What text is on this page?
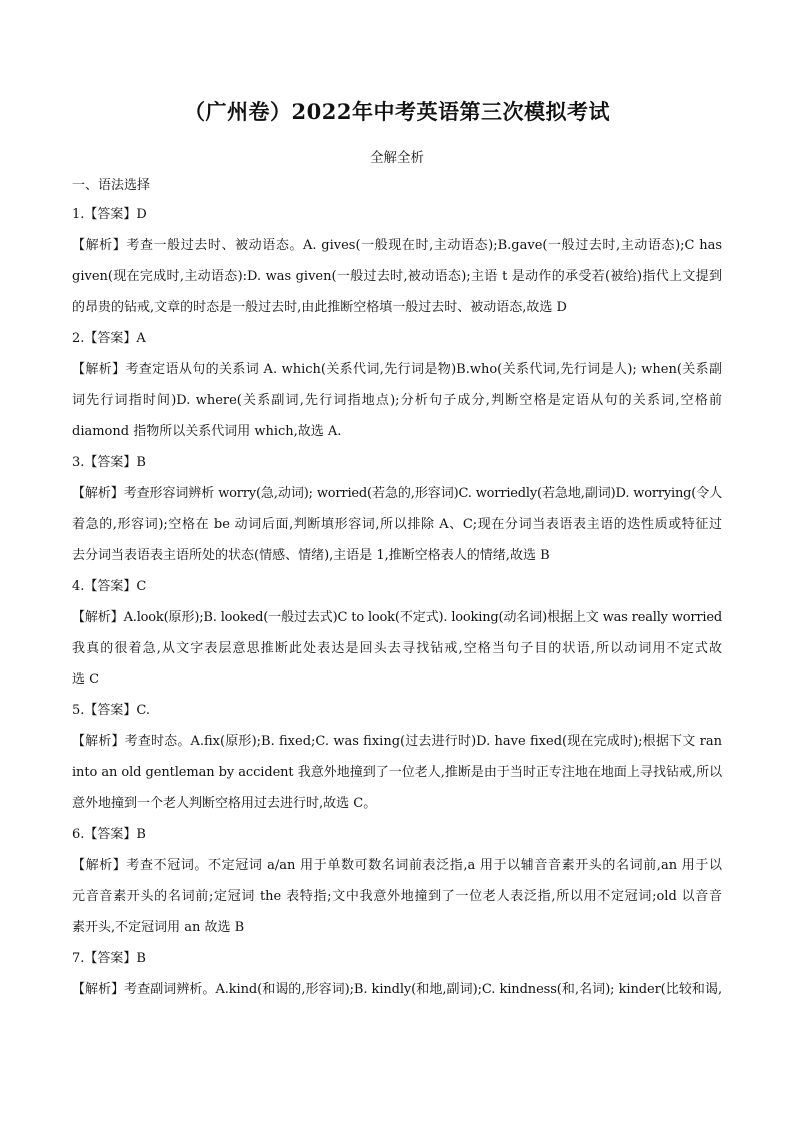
（广州卷）2022年中考英语第三次模拟考试
全解全析
一、语法选择
1.【答案】D
【解析】考查一般过去时、被动语态。A. gives(一般现在时,主动语态);B.gave(一般过去时,主动语态);C has
given(现在完成时,主动语态):D. was given(一般过去时,被动语态);主语 t 是动作的承受若(被给)指代上文提到
的昂贵的钻戒,文章的时态是一般过去时,由此推断空格填一般过去时、被动语态,故选 D
2.【答案】A
【解析】考查定语从句的关系词 A. which(关系代词,先行词是物)B.who(关系代词,先行词是人); when(关系副
词先行词指时间)D. where(关系副词,先行词指地点);分析句子成分,判断空格是定语从句的关系词,空格前
diamond 指物所以关系代词用 which,故选 A.
3.【答案】B
【解析】考查形容词辨析 worry(急,动词); worried(若急的,形容词)C. worriedly(若急地,副词)D. worrying(令人
着急的,形容词);空格在 be 动词后面,判断填形容词,所以排除 A、C;现在分词当表语表主语的迭性质或特征过
去分词当表语表主语所处的状态(情感、情绪),主语是 1,推断空格表人的情绪,故选 B
4.【答案】C
【解析】A.look(原形);B. looked(一般过去式)C to look(不定式). looking(动名词)根据上文 was really worried
我真的很着急,从文字表层意思推断此处表达是回头去寻找钻戒,空格当句子目的状语,所以动词用不定式故
选 C
5.【答案】C.
【解析】考查时态。A.fix(原形);B. fixed;C. was fixing(过去进行时)D. have fixed(现在完成时);根据下文 ran
into an old gentleman by accident 我意外地撞到了一位老人,推断是由于当时正专注地在地面上寻找钻戒,所以
意外地撞到一个老人判断空格用过去进行时,故选 C。
6.【答案】B
【解析】考查不冠词。不定冠词 a/an 用于单数可数名词前表泛指,a 用于以辅音音素开头的名词前,an 用于以
元音音素开头的名词前;定冠词 the 表特指;文中我意外地撞到了一位老人表泛指,所以用不定冠词;old 以音音
素开头,不定冠词用 an 故选 B
7.【答案】B
【解析】考查副词辨析。A.kind(和谒的,形容词);B. kindly(和地,副词);C. kindness(和,名词); kinder(比较和谒,
